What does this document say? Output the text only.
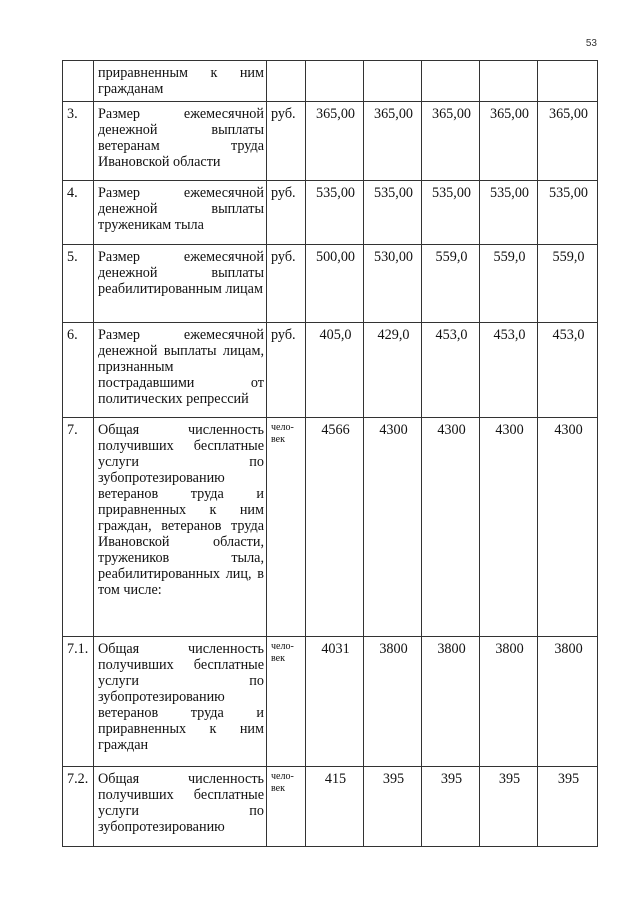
53
	приравненным к ним гражданам						
3.	Размер ежемесячной денежной выплаты ветеранам труда Ивановской области	руб.	365,00	365,00	365,00	365,00	365,00
4.	Размер ежемесячной денежной выплаты труженикам тыла	руб.	535,00	535,00	535,00	535,00	535,00
5.	Размер ежемесячной денежной выплаты реабилитированным лицам	руб.	500,00	530,00	559,0	559,0	559,0
6.	Размер ежемесячной денежной выплаты лицам, признанным пострадавшими от политических репрессий	руб.	405,0	429,0	453,0	453,0	453,0
7.	Общая численность получивших бесплатные услуги по зубопротезированию ветеранов труда и приравненных к ним граждан, ветеранов труда Ивановской области, тружеников тыла, реабилитированных лиц, в том числе:	чело-век	4566	4300	4300	4300	4300
7.1.	Общая численность получивших бесплатные услуги по зубопротезированию ветеранов труда и приравненных к ним граждан	чело-век	4031	3800	3800	3800	3800
7.2.	Общая численность получивших бесплатные услуги по зубопротезированию	чело-век	415	395	395	395	395
